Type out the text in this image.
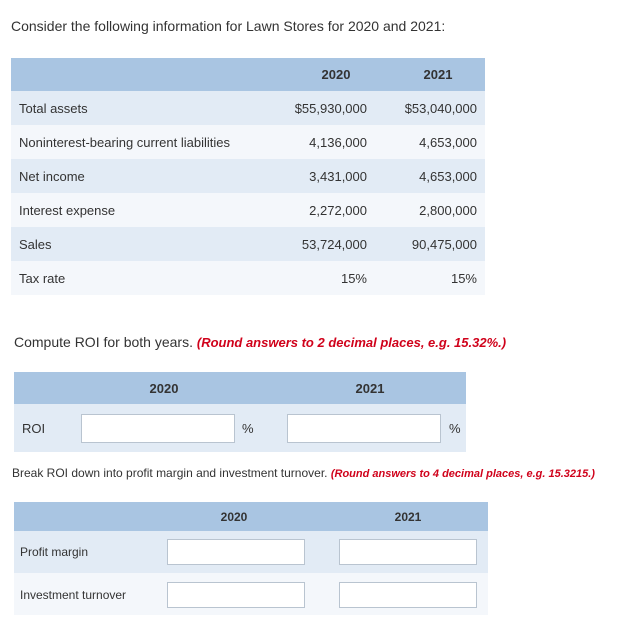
Consider the following information for Lawn Stores for 2020 and 2021:
2020	2021
Total assets	$55,930,000	$53,040,000
Noninterest-bearing current liabilities	4,136,000	4,653,000
Net income	3,431,000	4,653,000
Interest expense	2,272,000	2,800,000
Sales	53,724,000	90,475,000
Tax rate	15%	15%
Compute ROI for both years. (Round answers to 2 decimal places, e.g. 15.32%.)
2020	2021
ROI	%	%
Break ROI down into profit margin and investment turnover. (Round answers to 4 decimal places, e.g. 15.3215.)
2020	2021
Profit margin
Investment turnover
